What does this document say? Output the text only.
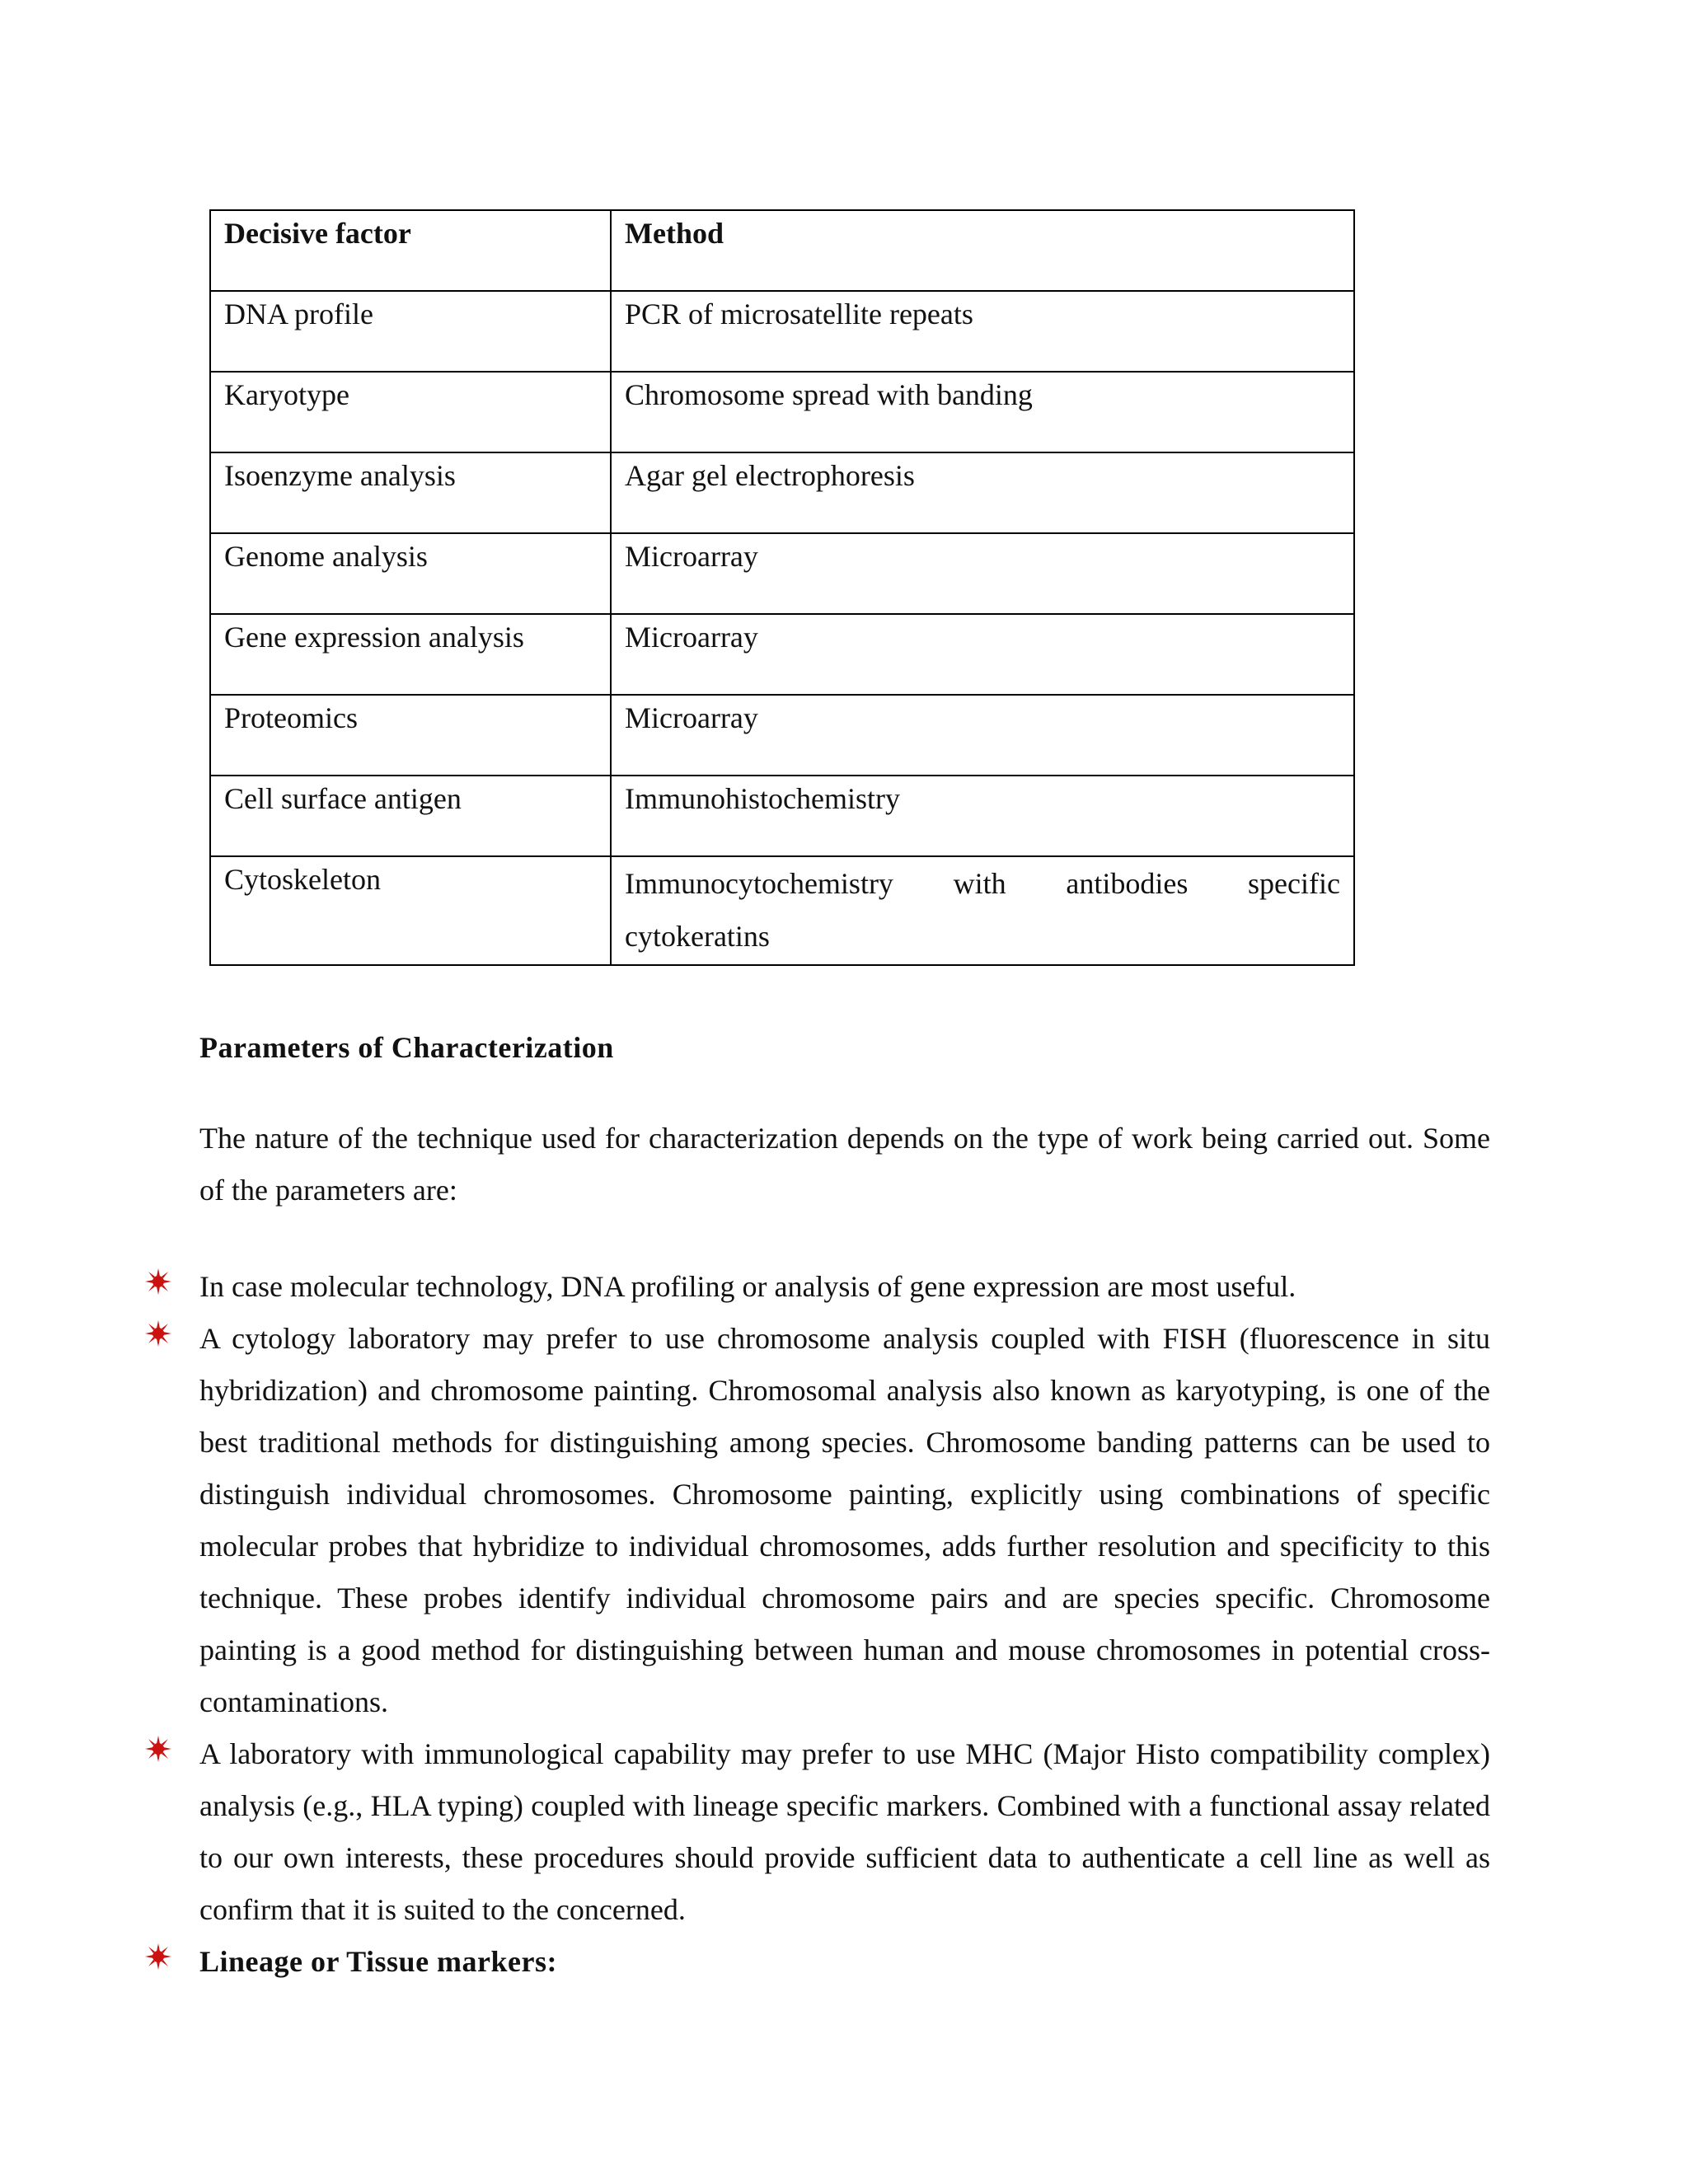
Decisive factor	Method
DNA profile	PCR of microsatellite repeats
Karyotype	Chromosome spread with banding
Isoenzyme analysis	Agar gel electrophoresis
Genome analysis	Microarray
Gene expression analysis	Microarray
Proteomics	Microarray
Cell surface antigen	Immunohistochemistry
Cytoskeleton	Immunocytochemistry with antibodies specific
cytokeratins
Parameters of Characterization
The nature of the technique used for characterization depends on the type of work being carried out. Some of the parameters are:
In case molecular technology, DNA profiling or analysis of gene expression are most useful.
A cytology laboratory may prefer to use chromosome analysis coupled with FISH (fluorescence in situ hybridization) and chromosome painting. Chromosomal analysis also known as karyotyping, is one of the best traditional methods for distinguishing among species. Chromosome banding patterns can be used to distinguish individual chromosomes. Chromosome painting, explicitly using combinations of specific molecular probes that hybridize to individual chromosomes, adds further resolution and specificity to this technique. These probes identify individual chromosome pairs and are species specific. Chromosome painting is a good method for distinguishing between human and mouse chromosomes in potential cross-contaminations.
A laboratory with immunological capability may prefer to use MHC (Major Histo compatibility complex) analysis (e.g., HLA typing) coupled with lineage specific markers. Combined with a functional assay related to our own interests, these procedures should provide sufficient data to authenticate a cell line as well as confirm that it is suited to the concerned.
Lineage or Tissue markers:
